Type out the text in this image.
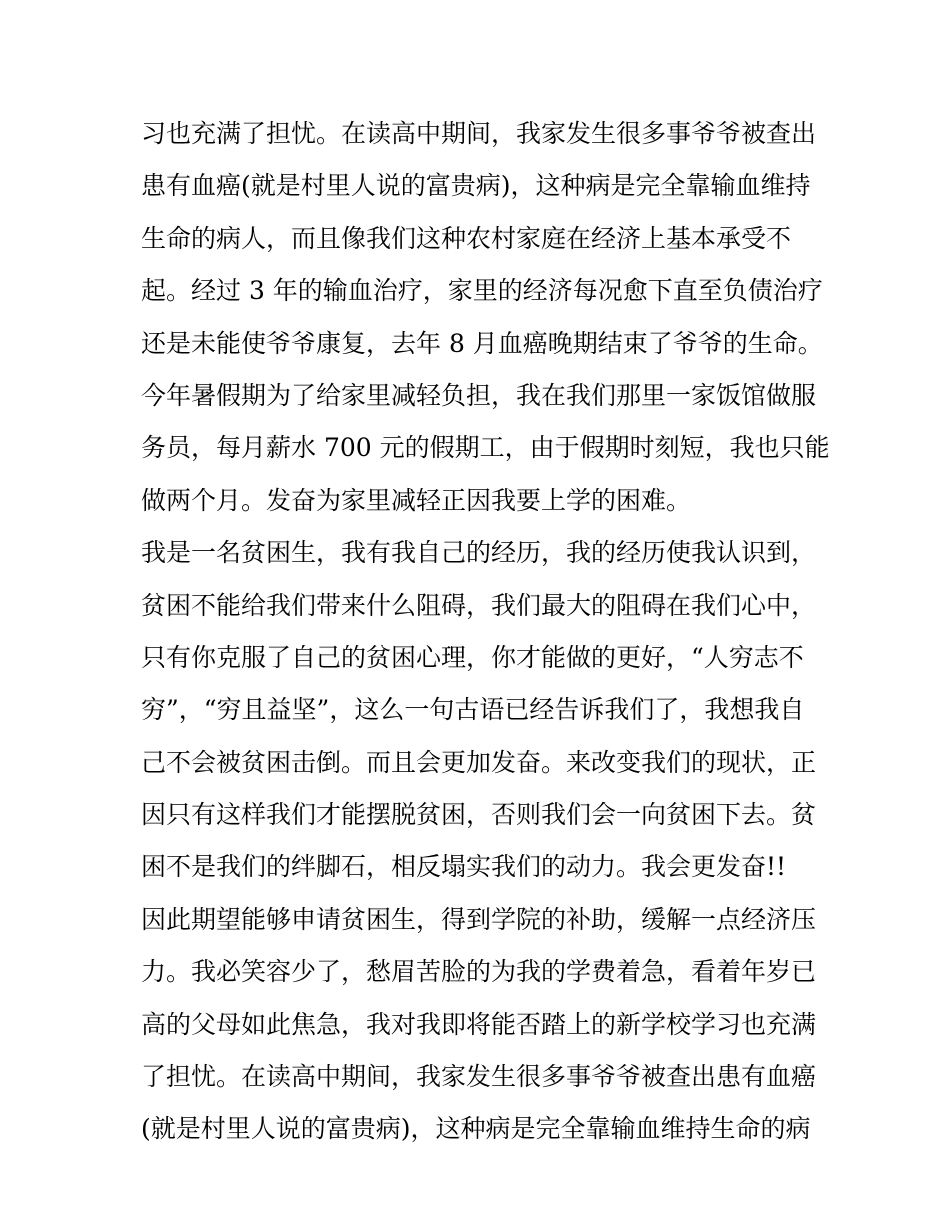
习也充满了担忧。在读高中期间，我家发生很多事爷爷被查出
患有血癌(就是村里人说的富贵病)，这种病是完全靠输血维持
生命的病人，而且像我们这种农村家庭在经济上基本承受不
起。经过 3 年的输血治疗，家里的经济每况愈下直至负债治疗
还是未能使爷爷康复，去年 8 月血癌晚期结束了爷爷的生命。
今年暑假期为了给家里减轻负担，我在我们那里一家饭馆做服
务员，每月薪水 700 元的假期工，由于假期时刻短，我也只能
做两个月。发奋为家里减轻正因我要上学的困难。
我是一名贫困生，我有我自己的经历，我的经历使我认识到，
贫困不能给我们带来什么阻碍，我们最大的阻碍在我们心中，
只有你克服了自己的贫困心理，你才能做的更好，“人穷志不
穷”，“穷且益坚”，这么一句古语已经告诉我们了，我想我自
己不会被贫困击倒。而且会更加发奋。来改变我们的现状，正
因只有这样我们才能摆脱贫困，否则我们会一向贫困下去。贫
困不是我们的绊脚石，相反塌实我们的动力。我会更发奋!!
因此期望能够申请贫困生，得到学院的补助，缓解一点经济压
力。我必笑容少了，愁眉苦脸的为我的学费着急，看着年岁已
高的父母如此焦急，我对我即将能否踏上的新学校学习也充满
了担忧。在读高中期间，我家发生很多事爷爷被查出患有血癌
(就是村里人说的富贵病)，这种病是完全靠输血维持生命的病
